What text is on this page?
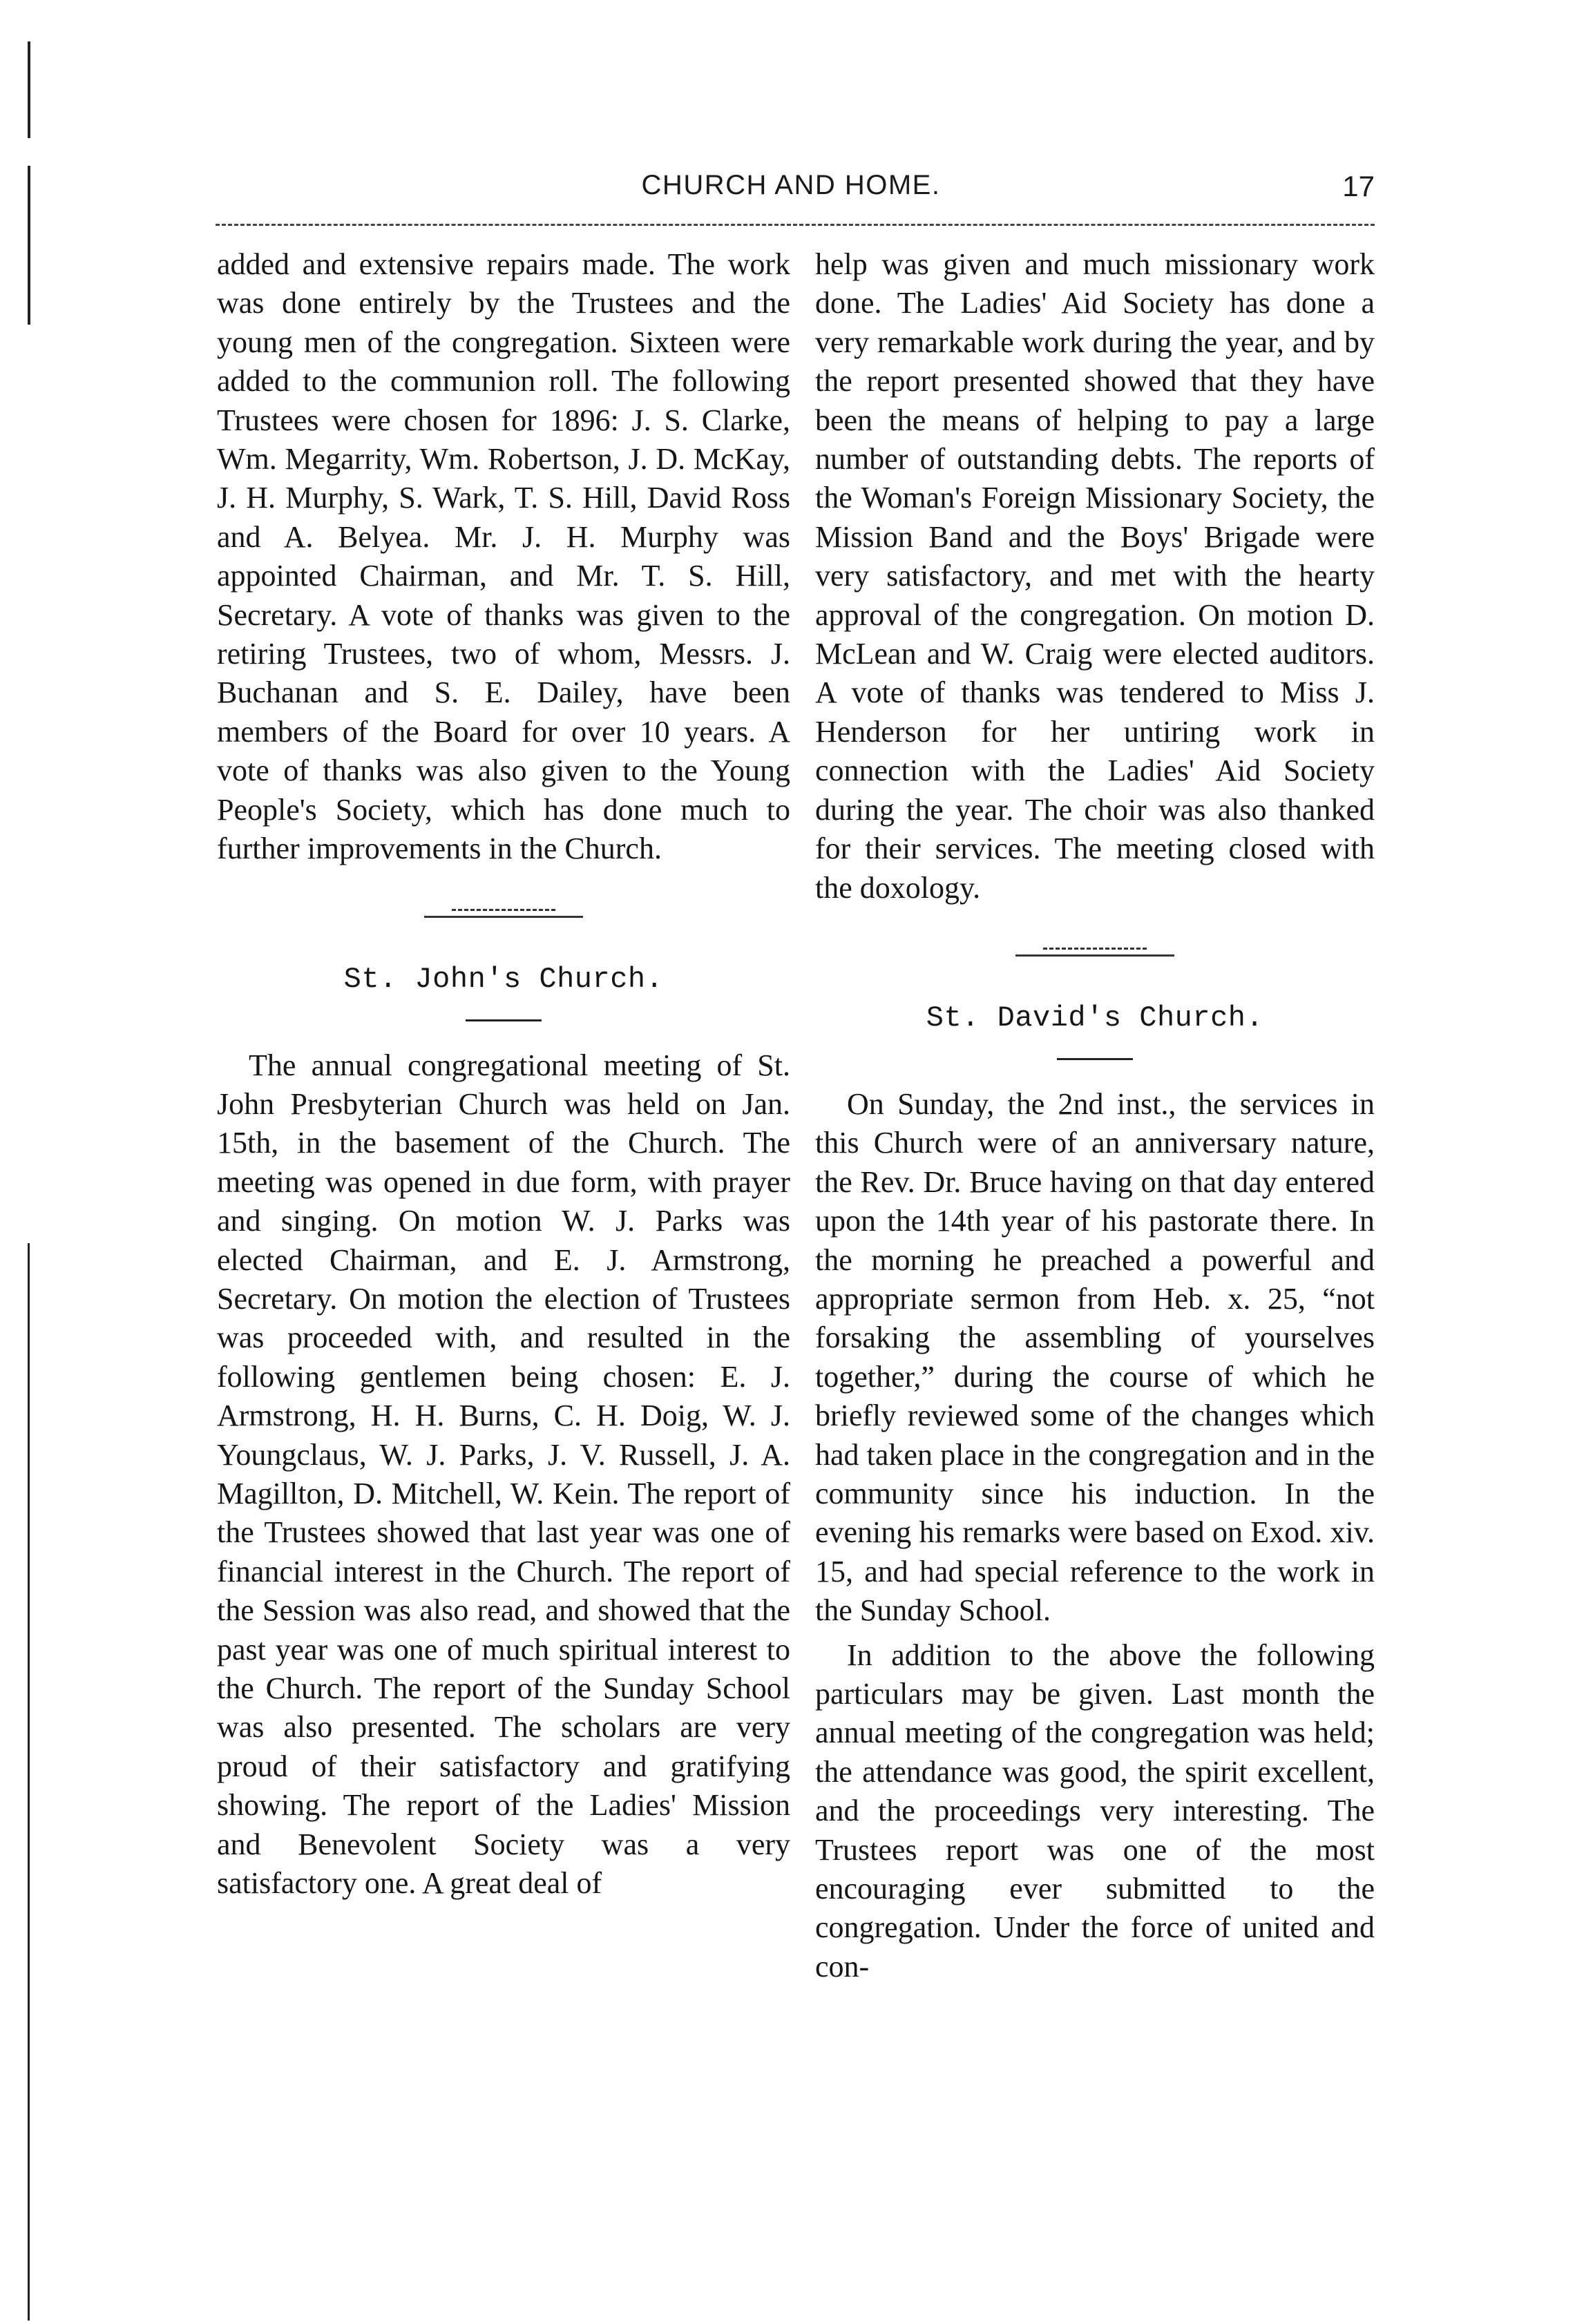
CHURCH AND HOME.	17

added and extensive repairs made. The work was done entirely by the Trustees and the young men of the congregation. Sixteen were added to the communion roll. The following Trustees were chosen for 1896: J. S. Clarke, Wm. Megarrity, Wm. Robertson, J. D. McKay, J. H. Murphy, S. Wark, T. S. Hill, David Ross and A. Belyea. Mr. J. H. Murphy was appointed Chairman, and Mr. T. S. Hill, Secretary. A vote of thanks was given to the retiring Trustees, two of whom, Messrs. J. Buchanan and S. E. Dailey, have been members of the Board for over 10 years. A vote of thanks was also given to the Young People's Society, which has done much to further improvements in the Church.

St. John's Church.

The annual congregational meeting of St. John Presbyterian Church was held on Jan. 15th, in the basement of the Church. The meeting was opened in due form, with prayer and singing. On motion W. J. Parks was elected Chairman, and E. J. Armstrong, Secretary. On motion the election of Trustees was proceeded with, and resulted in the following gentlemen being chosen: E. J. Armstrong, H. H. Burns, C. H. Doig, W. J. Youngclaus, W. J. Parks, J. V. Russell, J. A. Magillton, D. Mitchell, W. Kein. The report of the Trustees showed that last year was one of financial interest in the Church. The report of the Session was also read, and showed that the past year was one of much spiritual interest to the Church. The report of the Sunday School was also presented. The scholars are very proud of their satisfactory and gratifying showing. The report of the Ladies' Mission and Benevolent Society was a very satisfactory one. A great deal of

help was given and much missionary work done. The Ladies' Aid Society has done a very remarkable work during the year, and by the report presented showed that they have been the means of helping to pay a large number of outstanding debts. The reports of the Woman's Foreign Missionary Society, the Mission Band and the Boys' Brigade were very satisfactory, and met with the hearty approval of the congregation. On motion D. McLean and W. Craig were elected auditors. A vote of thanks was tendered to Miss J. Henderson for her untiring work in connection with the Ladies' Aid Society during the year. The choir was also thanked for their services. The meeting closed with the doxology.

St. David's Church.

On Sunday, the 2nd inst., the services in this Church were of an anniversary nature, the Rev. Dr. Bruce having on that day entered upon the 14th year of his pastorate there. In the morning he preached a powerful and appropriate sermon from Heb. x. 25, “not forsaking the assembling of yourselves together,” during the course of which he briefly reviewed some of the changes which had taken place in the congregation and in the community since his induction. In the evening his remarks were based on Exod. xiv. 15, and had special reference to the work in the Sunday School.

In addition to the above the following particulars may be given. Last month the annual meeting of the congregation was held; the attendance was good, the spirit excellent, and the proceedings very interesting. The Trustees report was one of the most encouraging ever submitted to the congregation. Under the force of united and con-
